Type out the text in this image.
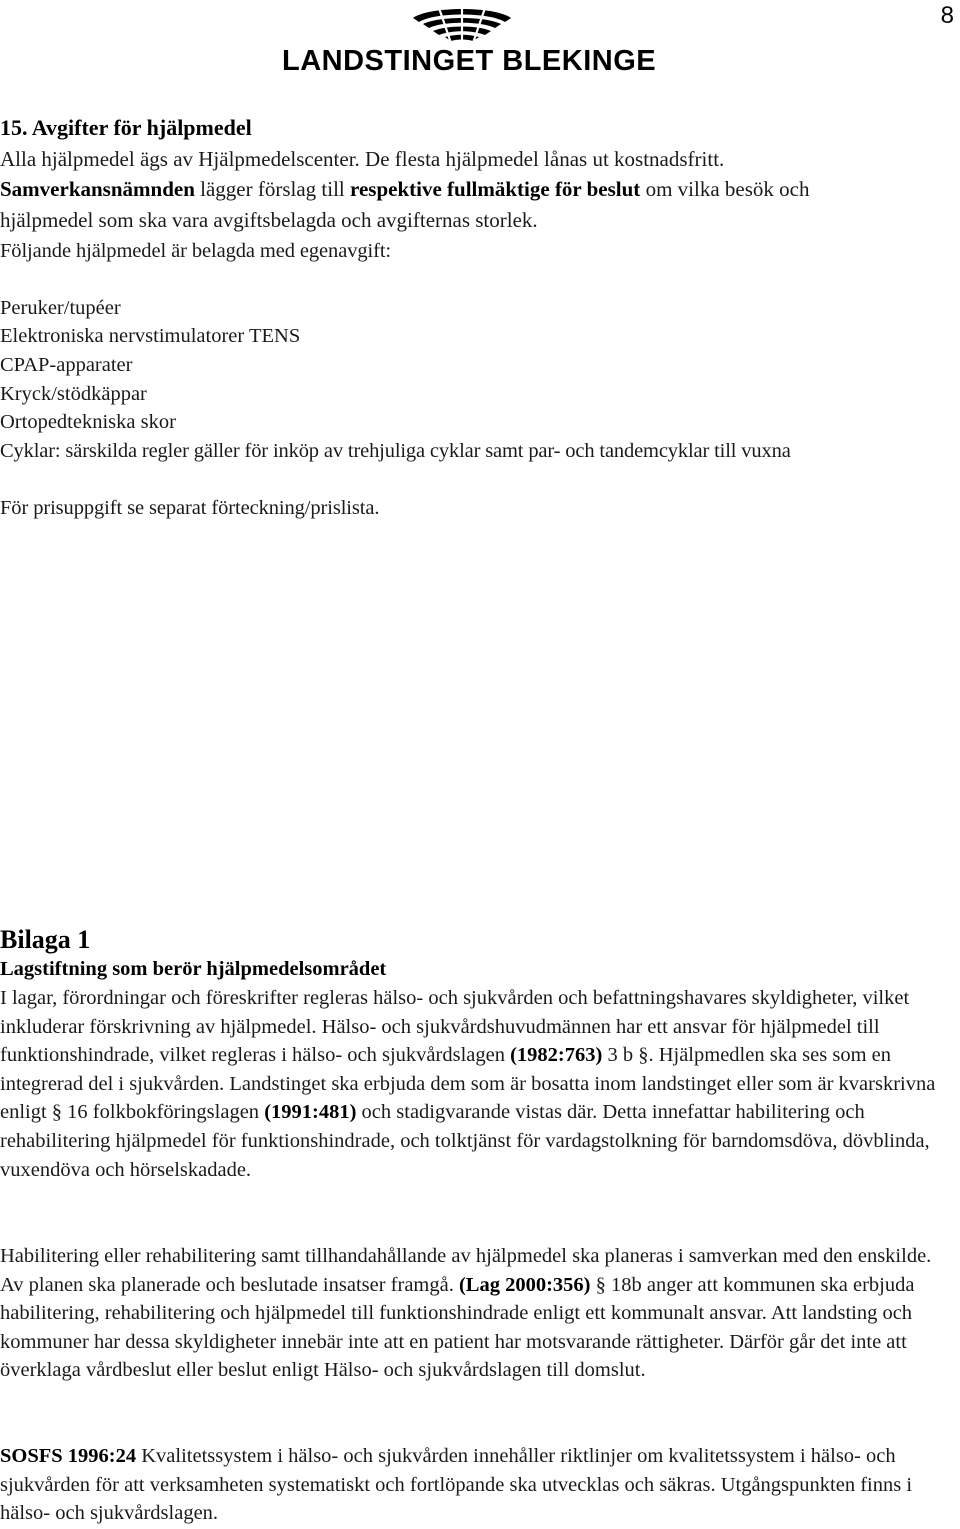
8
LANDSTINGET BLEKINGE
15. Avgifter för hjälpmedel
Alla hjälpmedel ägs av Hjälpmedelscenter. De flesta hjälpmedel lånas ut kostnadsfritt.
Samverkansnämnden lägger förslag till respektive fullmäktige för beslut om vilka besök och
hjälpmedel som ska vara avgiftsbelagda och avgifternas storlek.
Följande hjälpmedel är belagda med egenavgift:
Peruker/tupéer
Elektroniska nervstimulatorer TENS
CPAP-apparater
Kryck/stödkäppar
Ortopedtekniska skor
Cyklar: särskilda regler gäller för inköp av trehjuliga cyklar samt par- och tandemcyklar till vuxna
För prisuppgift se separat förteckning/prislista.
Bilaga 1
Lagstiftning som berör hjälpmedelsområdet

I lagar, förordningar och föreskrifter regleras hälso- och sjukvården och befattningshavares skyldigheter, vilket inkluderar förskrivning av hjälpmedel. Hälso- och sjukvårdshuvudmännen har ett ansvar för hjälpmedel till funktionshindrade, vilket regleras i hälso- och sjukvårdslagen (1982:763) 3 b §. Hjälpmedlen ska ses som en integrerad del i sjukvården. Landstinget ska erbjuda dem som är bosatta inom landstinget eller som är kvarskrivna enligt § 16 folkbokföringslagen (1991:481) och stadigvarande vistas där. Detta innefattar habilitering och rehabilitering hjälpmedel för funktionshindrade, och tolktjänst för vardagstolkning för barndomsdöva, dövblinda, vuxendöva och hörselskadade.

Habilitering eller rehabilitering samt tillhandahållande av hjälpmedel ska planeras i samverkan med den enskilde. Av planen ska planerade och beslutade insatser framgå. (Lag 2000:356) § 18b anger att kommunen ska erbjuda habilitering, rehabilitering och hjälpmedel till funktionshindrade enligt ett kommunalt ansvar. Att landsting och kommuner har dessa skyldigheter innebär inte att en patient har motsvarande rättigheter. Därför går det inte att överklaga vårdbeslut eller beslut enligt Hälso- och sjukvårdslagen till domslut.

SOSFS 1996:24 Kvalitetssystem i hälso- och sjukvården innehåller riktlinjer om kvalitetssystem i hälso- och sjukvården för att verksamheten systematiskt och fortlöpande ska utvecklas och säkras. Utgångspunkten finns i hälso- och sjukvårdslagen.
